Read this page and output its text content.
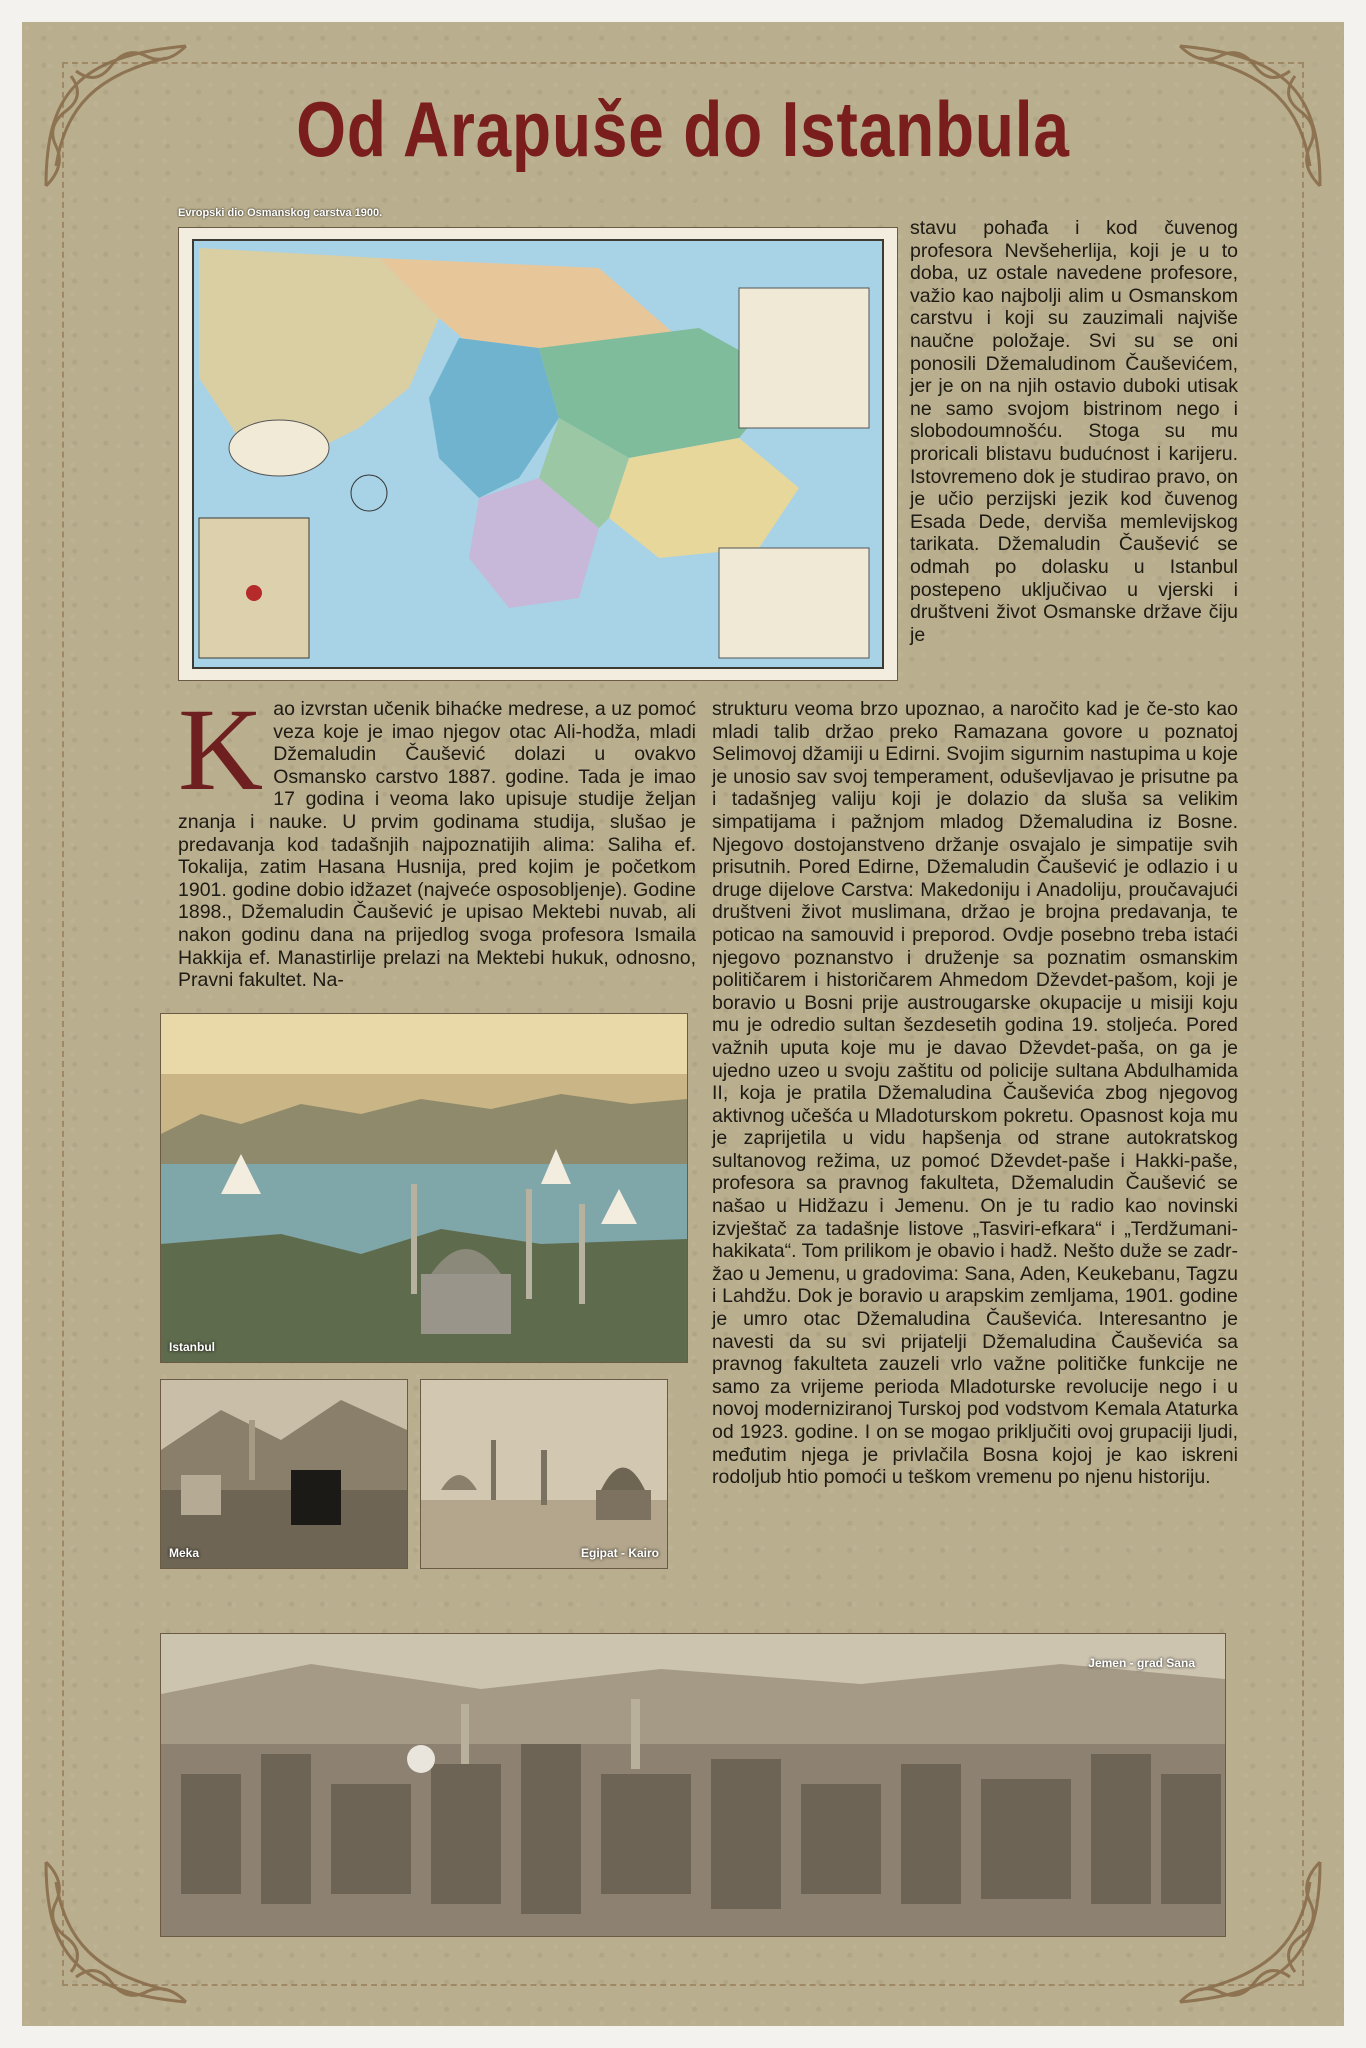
Od Arapuše do Istanbula
Evropski dio Osmanskog carstva 1900.
stavu pohađa i kod čuvenog profesora Nevšeherlija, koji je u to doba, uz ostale navedene profesore, važio kao najbolji alim u Osmanskom carstvu i koji su zauzimali najviše naučne položaje. Svi su se oni ponosili Džemaludinom Čauševićem, jer je on na njih ostavio duboki utisak ne samo svojom bistrinom nego i slobodoumnošću. Stoga su mu proricali blistavu budućnost i karijeru. Istovremeno dok je studirao pravo, on je učio perzijski jezik kod čuvenog Esada Dede, derviša memlevijskog tarikata. Džemaludin Čaušević se odmah po dolasku u Istanbul postepeno uključivao u vjerski i društveni život Osmanske države čiju je
Kao izvrstan učenik bihaćke medrese, a uz pomoć veza koje je imao njegov otac Ali-hodža, mladi Džemaludin Čaušević dolazi u ovakvo Osmansko carstvo 1887. godine. Tada je imao 17 godina i veoma lako upisuje studije željan znanja i nauke. U prvim godinama studija, slušao je predavanja kod tadašnjih najpoznatijih alima: Saliha ef. Tokalija, zatim Hasana Husnija, pred kojim je početkom 1901. godine dobio idžazet (najveće osposobljenje). Godine 1898., Džemaludin Čaušević je upisao Mektebi nuvab, ali nakon godinu dana na prijedlog svoga profesora Ismaila Hakkija ef. Manastirlije prelazi na Mektebi hukuk, odnosno, Pravni fakultet. Na-
strukturu veoma brzo upoznao, a naročito kad je če-sto kao mladi talib držao preko Ramazana govore u poznatoj Selimovoj džamiji u Edirni. Svojim sigurnim nastupima u koje je unosio sav svoj temperament, oduševljavao je prisutne pa i tadašnjeg valiju koji je dolazio da sluša sa velikim simpatijama i pažnjom mladog Džemaludina iz Bosne. Njegovo dostojanstveno držanje osvajalo je simpatije svih prisutnih. Pored Edirne, Džemaludin Čaušević je odlazio i u druge dijelove Carstva: Makedoniju i Anadoliju, proučavajući društveni život muslimana, držao je brojna predavanja, te poticao na samouvid i preporod. Ovdje posebno treba istaći njegovo poznanstvo i druženje sa poznatim osmanskim političarem i historičarem Ahmedom Dževdet-pašom, koji je boravio u Bosni prije austrougarske okupacije u misiji koju mu je odredio sultan šezdesetih godina 19. stoljeća. Pored važnih uputa koje mu je davao Dževdet-paša, on ga je ujedno uzeo u svoju zaštitu od policije sultana Abdulhamida II, koja je pratila Džemaludina Čauševića zbog njegovog aktivnog učešća u Mladoturskom pokretu. Opasnost koja mu je zaprijetila u vidu hapšenja od strane autokratskog sultanovog režima, uz pomoć Dževdet-paše i Hakki-paše, profesora sa pravnog fakulteta, Džemaludin Čaušević se našao u Hidžazu i Jemenu. On je tu radio kao novinski izvještač za tadašnje listove „Tasviri-efkara“ i „Terdžumani-hakikata“. Tom prilikom je obavio i hadž. Nešto duže se zadr-žao u Jemenu, u gradovima: Sana, Aden, Keukebanu, Tagzu i Lahdžu. Dok je boravio u arapskim zemljama, 1901. godine je umro otac Džemaludina Čauševića. Interesantno je navesti da su svi prijatelji Džemaludina Čauševića sa pravnog fakulteta zauzeli vrlo važne političke funkcije ne samo za vrijeme perioda Mladoturske revolucije nego i u novoj moderniziranoj Turskoj pod vodstvom Kemala Ataturka od 1923. godine. I on se mogao priključiti ovoj grupaciji ljudi, međutim njega je privlačila Bosna kojoj je kao iskreni rodoljub htio pomoći u teškom vremenu po njenu historiju.
Istanbul
Meka	Egipat - Kairo
Jemen - grad Sana
